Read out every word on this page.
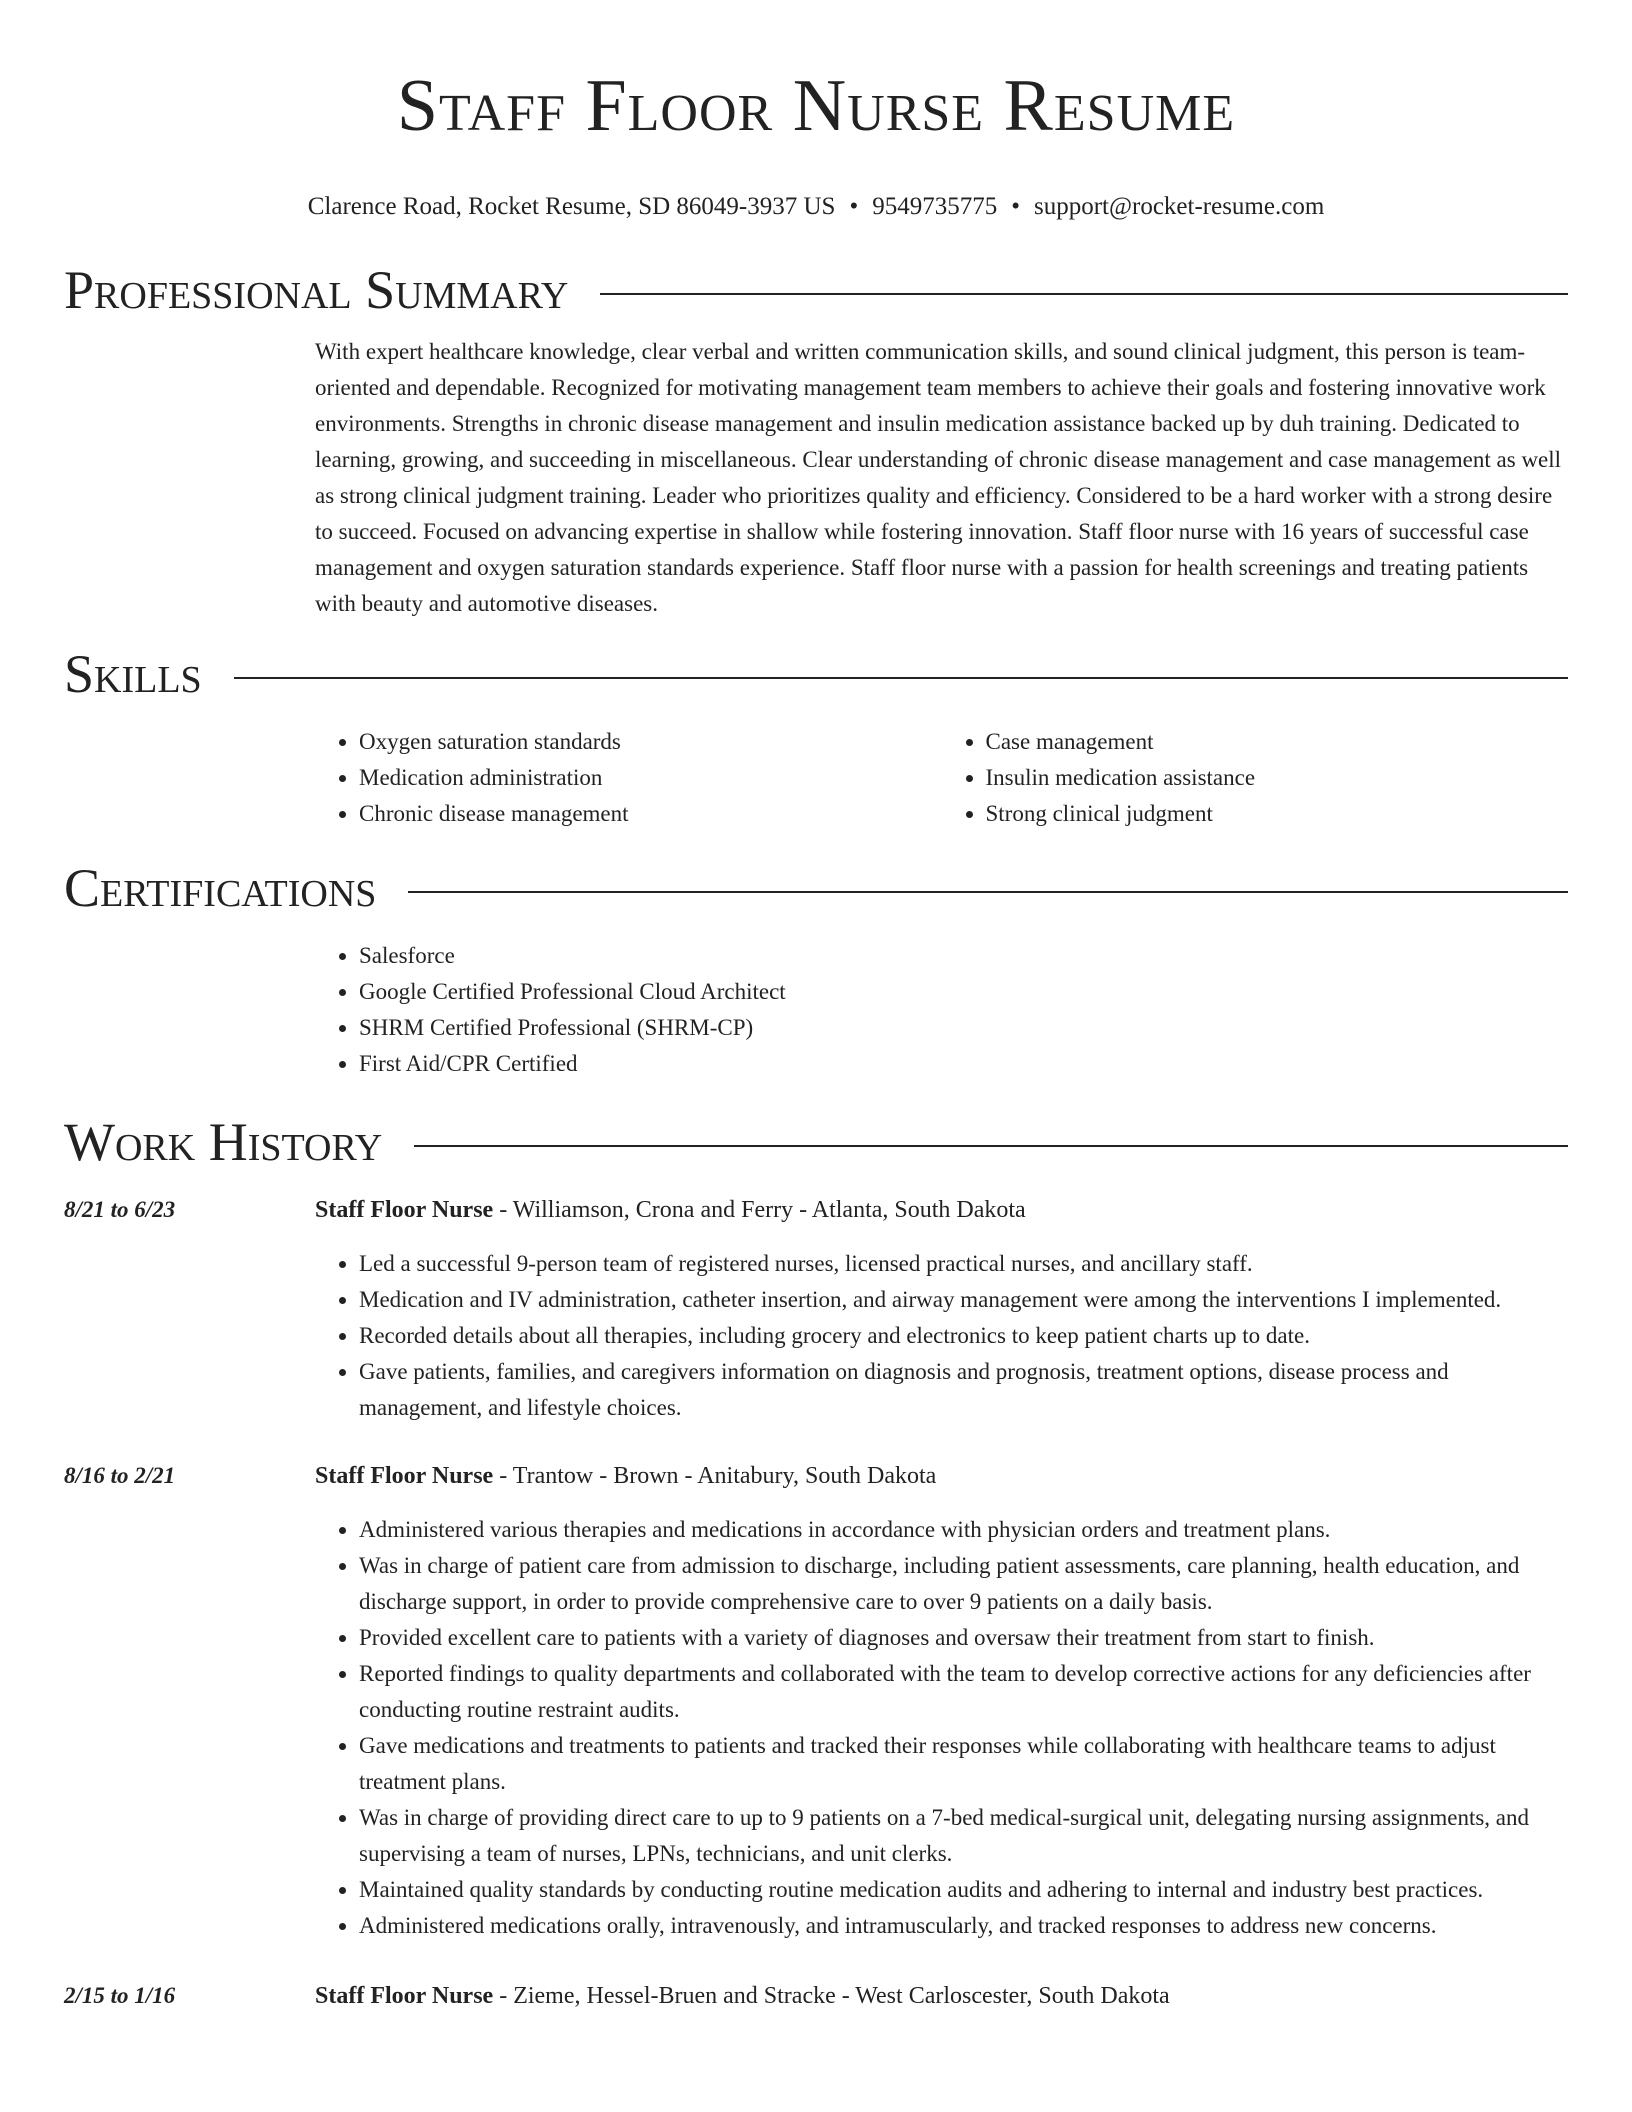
Staff Floor Nurse Resume
Clarence Road, Rocket Resume, SD 86049-3937 US • 9549735775 • support@rocket-resume.com
Professional Summary

With expert healthcare knowledge, clear verbal and written communication skills, and sound clinical judgment, this person is team-oriented and dependable. Recognized for motivating management team members to achieve their goals and fostering innovative work environments. Strengths in chronic disease management and insulin medication assistance backed up by duh training. Dedicated to learning, growing, and succeeding in miscellaneous. Clear understanding of chronic disease management and case management as well as strong clinical judgment training. Leader who prioritizes quality and efficiency. Considered to be a hard worker with a strong desire to succeed. Focused on advancing expertise in shallow while fostering innovation. Staff floor nurse with 16 years of successful case management and oxygen saturation standards experience. Staff floor nurse with a passion for health screenings and treating patients with beauty and automotive diseases.

Skills
• Oxygen saturation standards
• Medication administration
• Chronic disease management
• Case management
• Insulin medication assistance
• Strong clinical judgment
Certifications
• Salesforce
• Google Certified Professional Cloud Architect
• SHRM Certified Professional (SHRM-CP)
• First Aid/CPR Certified
Work History
8/21 to 6/23	Staff Floor Nurse - Williamson, Crona and Ferry - Atlanta, South Dakota
• Led a successful 9-person team of registered nurses, licensed practical nurses, and ancillary staff.
• Medication and IV administration, catheter insertion, and airway management were among the interventions I implemented.
• Recorded details about all therapies, including grocery and electronics to keep patient charts up to date.
• Gave patients, families, and caregivers information on diagnosis and prognosis, treatment options, disease process and management, and lifestyle choices.
8/16 to 2/21	Staff Floor Nurse - Trantow - Brown - Anitabury, South Dakota
• Administered various therapies and medications in accordance with physician orders and treatment plans.
• Was in charge of patient care from admission to discharge, including patient assessments, care planning, health education, and discharge support, in order to provide comprehensive care to over 9 patients on a daily basis.
• Provided excellent care to patients with a variety of diagnoses and oversaw their treatment from start to finish.
• Reported findings to quality departments and collaborated with the team to develop corrective actions for any deficiencies after conducting routine restraint audits.
• Gave medications and treatments to patients and tracked their responses while collaborating with healthcare teams to adjust treatment plans.
• Was in charge of providing direct care to up to 9 patients on a 7-bed medical-surgical unit, delegating nursing assignments, and supervising a team of nurses, LPNs, technicians, and unit clerks.
• Maintained quality standards by conducting routine medication audits and adhering to internal and industry best practices.
• Administered medications orally, intravenously, and intramuscularly, and tracked responses to address new concerns.
2/15 to 1/16	Staff Floor Nurse - Zieme, Hessel-Bruen and Stracke - West Carloscester, South Dakota
